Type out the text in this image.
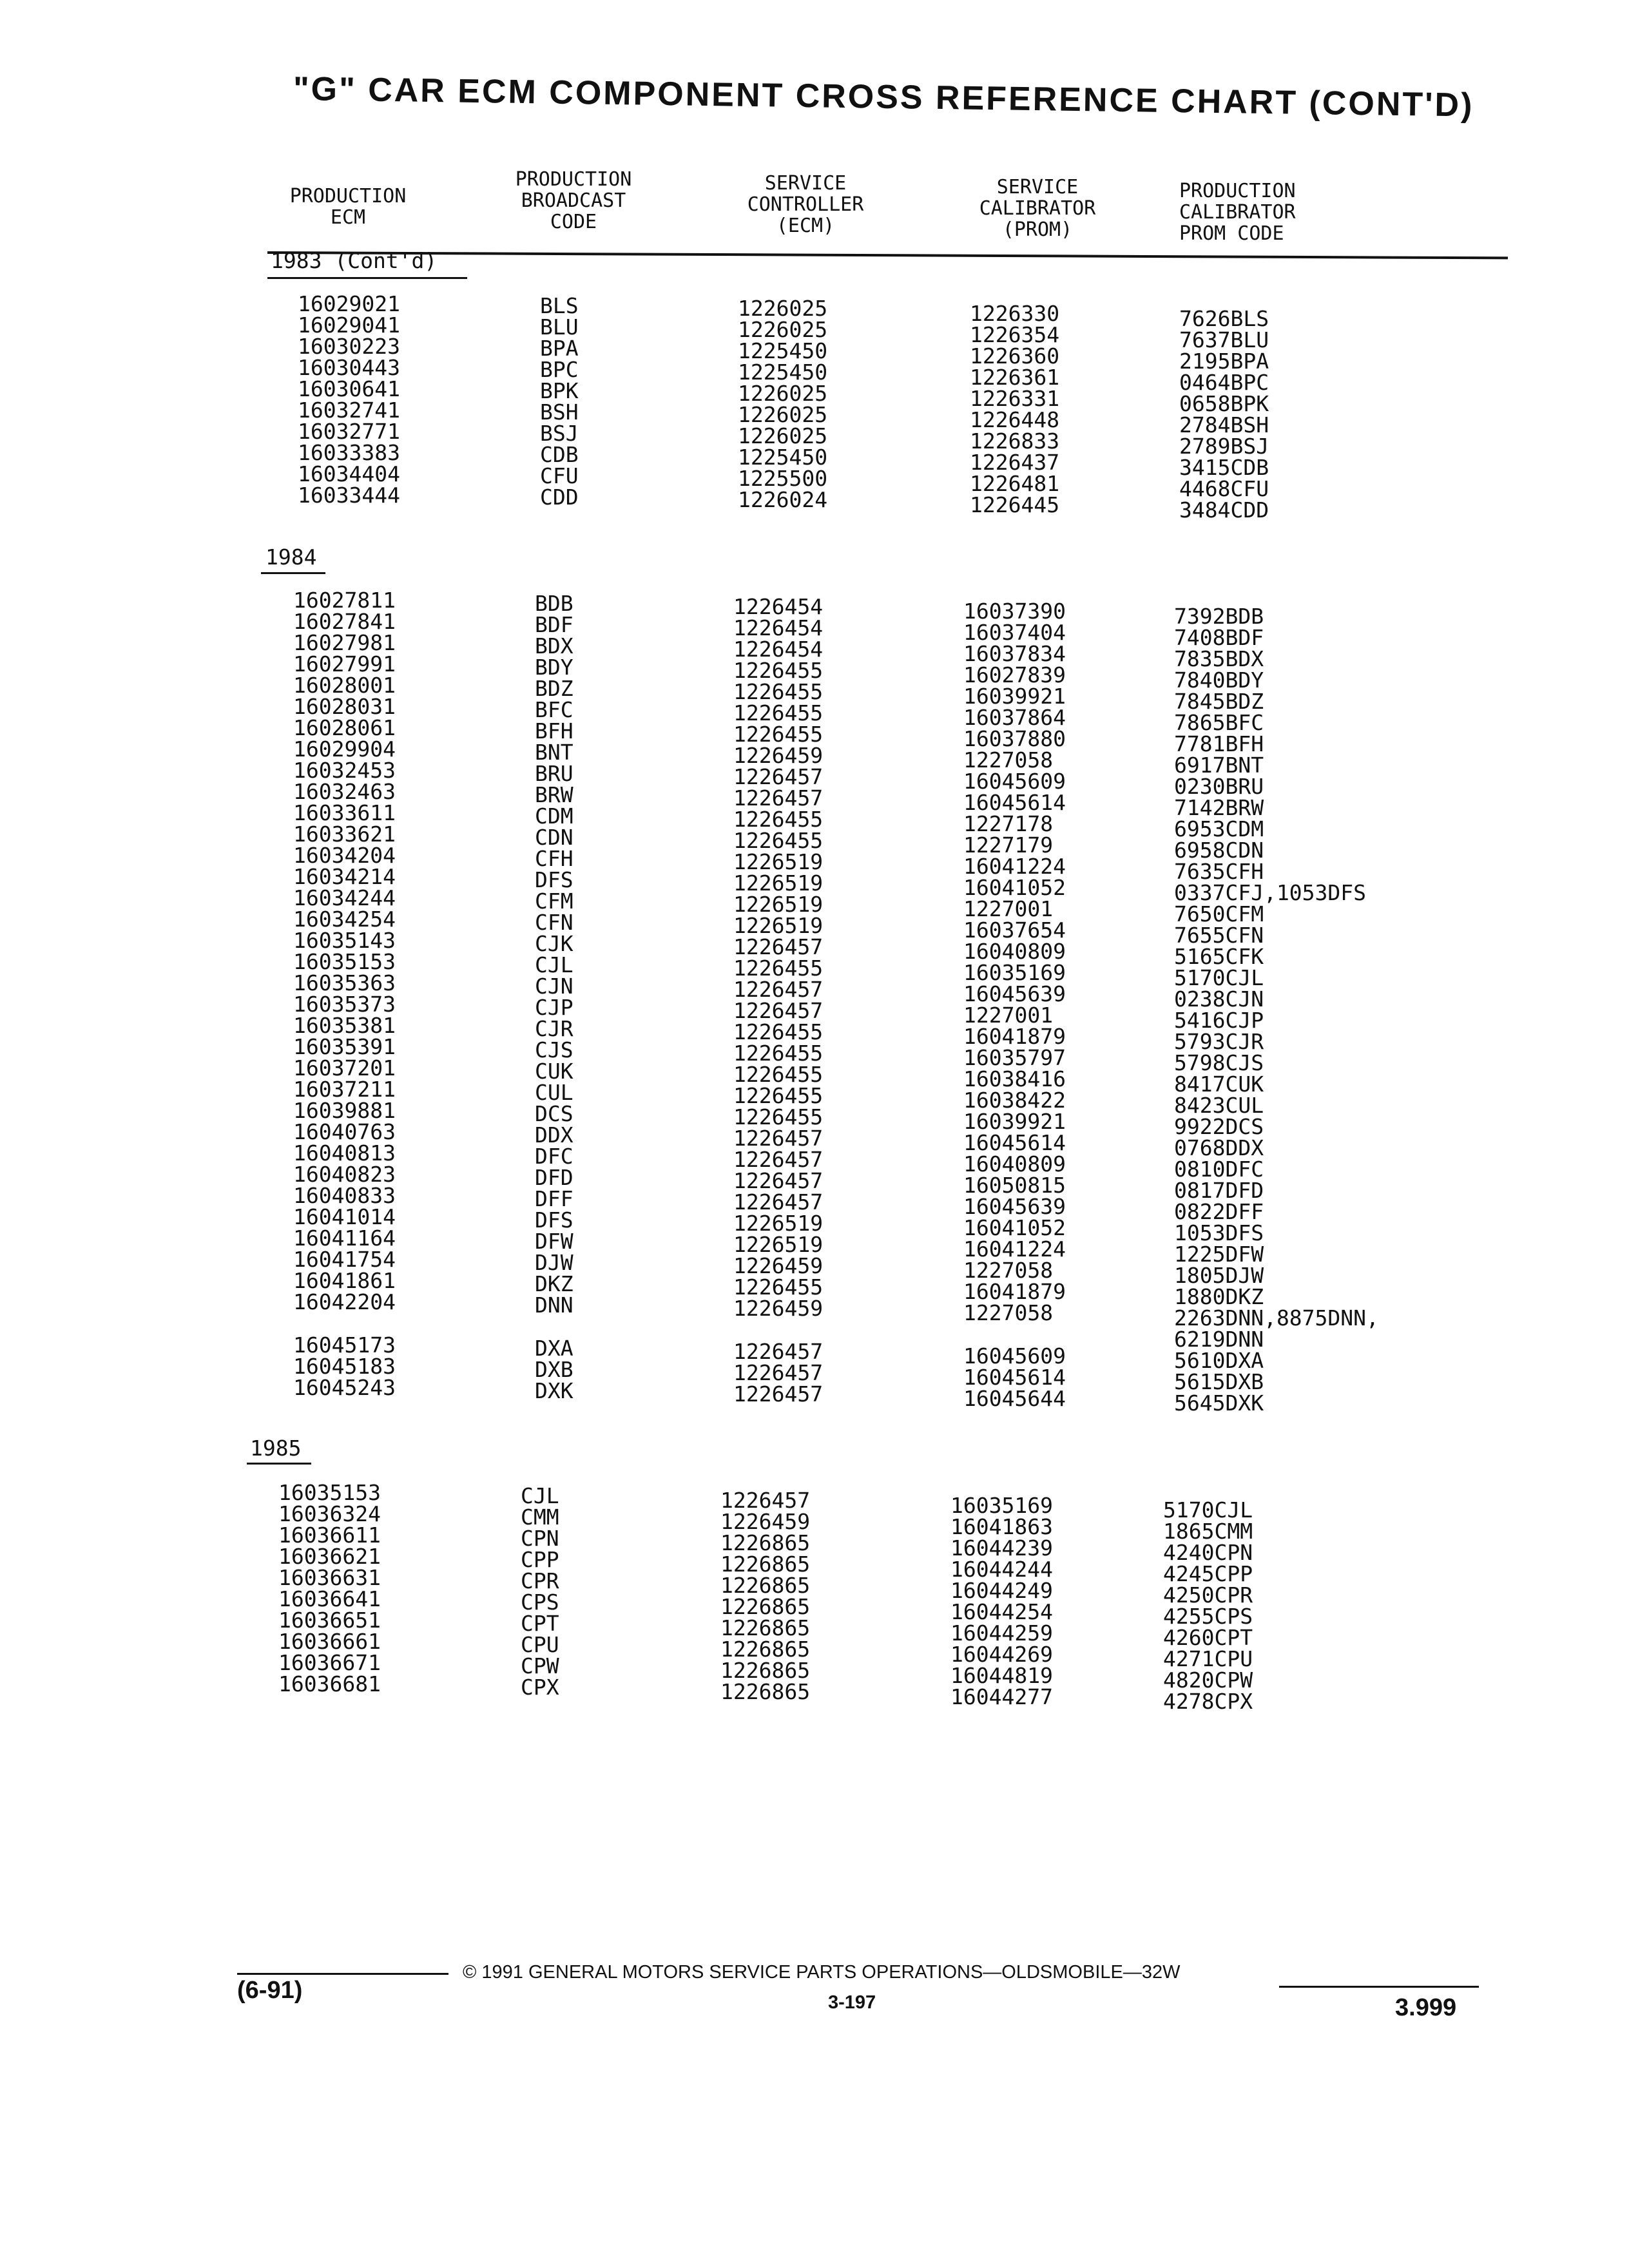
"G" CAR ECM COMPONENT CROSS REFERENCE CHART (CONT'D)
PRODUCTION
ECM
PRODUCTION
BROADCAST
CODE
SERVICE
CONTROLLER
(ECM)
SERVICE
CALIBRATOR
(PROM)
PRODUCTION
CALIBRATOR
PROM CODE
1983 (Cont'd)
16029021
16029041
16030223
16030443
16030641
16032741
16032771
16033383
16034404
16033444
BLS
BLU
BPA
BPC
BPK
BSH
BSJ
CDB
CFU
CDD
1226025
1226025
1225450
1225450
1226025
1226025
1226025
1225450
1225500
1226024
1226330
1226354
1226360
1226361
1226331
1226448
1226833
1226437
1226481
1226445
7626BLS
7637BLU
2195BPA
0464BPC
0658BPK
2784BSH
2789BSJ
3415CDB
4468CFU
3484CDD
1984
16027811
16027841
16027981
16027991
16028001
16028031
16028061
16029904
16032453
16032463
16033611
16033621
16034204
16034214
16034244
16034254
16035143
16035153
16035363
16035373
16035381
16035391
16037201
16037211
16039881
16040763
16040813
16040823
16040833
16041014
16041164
16041754
16041861
16042204
16045173
16045183
16045243
BDB
BDF
BDX
BDY
BDZ
BFC
BFH
BNT
BRU
BRW
CDM
CDN
CFH
DFS
CFM
CFN
CJK
CJL
CJN
CJP
CJR
CJS
CUK
CUL
DCS
DDX
DFC
DFD
DFF
DFS
DFW
DJW
DKZ
DNN
DXA
DXB
DXK
1226454
1226454
1226454
1226455
1226455
1226455
1226455
1226459
1226457
1226457
1226455
1226455
1226519
1226519
1226519
1226519
1226457
1226455
1226457
1226457
1226455
1226455
1226455
1226455
1226455
1226457
1226457
1226457
1226457
1226519
1226519
1226459
1226455
1226459
1226457
1226457
1226457
16037390
16037404
16037834
16027839
16039921
16037864
16037880
1227058
16045609
16045614
1227178
1227179
16041224
16041052
1227001
16037654
16040809
16035169
16045639
1227001
16041879
16035797
16038416
16038422
16039921
16045614
16040809
16050815
16045639
16041052
16041224
1227058
16041879
1227058
16045609
16045614
16045644
7392BDB
7408BDF
7835BDX
7840BDY
7845BDZ
7865BFC
7781BFH
6917BNT
0230BRU
7142BRW
6953CDM
6958CDN
7635CFH
0337CFJ,1053DFS
7650CFM
7655CFN
5165CFK
5170CJL
0238CJN
5416CJP
5793CJR
5798CJS
8417CUK
8423CUL
9922DCS
0768DDX
0810DFC
0817DFD
0822DFF
1053DFS
1225DFW
1805DJW
1880DKZ
2263DNN,8875DNN,
6219DNN
5610DXA
5615DXB
5645DXK
1985
16035153
16036324
16036611
16036621
16036631
16036641
16036651
16036661
16036671
16036681
CJL
CMM
CPN
CPP
CPR
CPS
CPT
CPU
CPW
CPX
1226457
1226459
1226865
1226865
1226865
1226865
1226865
1226865
1226865
1226865
16035169
16041863
16044239
16044244
16044249
16044254
16044259
16044269
16044819
16044277
5170CJL
1865CMM
4240CPN
4245CPP
4250CPR
4255CPS
4260CPT
4271CPU
4820CPW
4278CPX
(6-91)
© 1991 GENERAL MOTORS SERVICE PARTS OPERATIONS—OLDSMOBILE—32W
3-197	3.999
